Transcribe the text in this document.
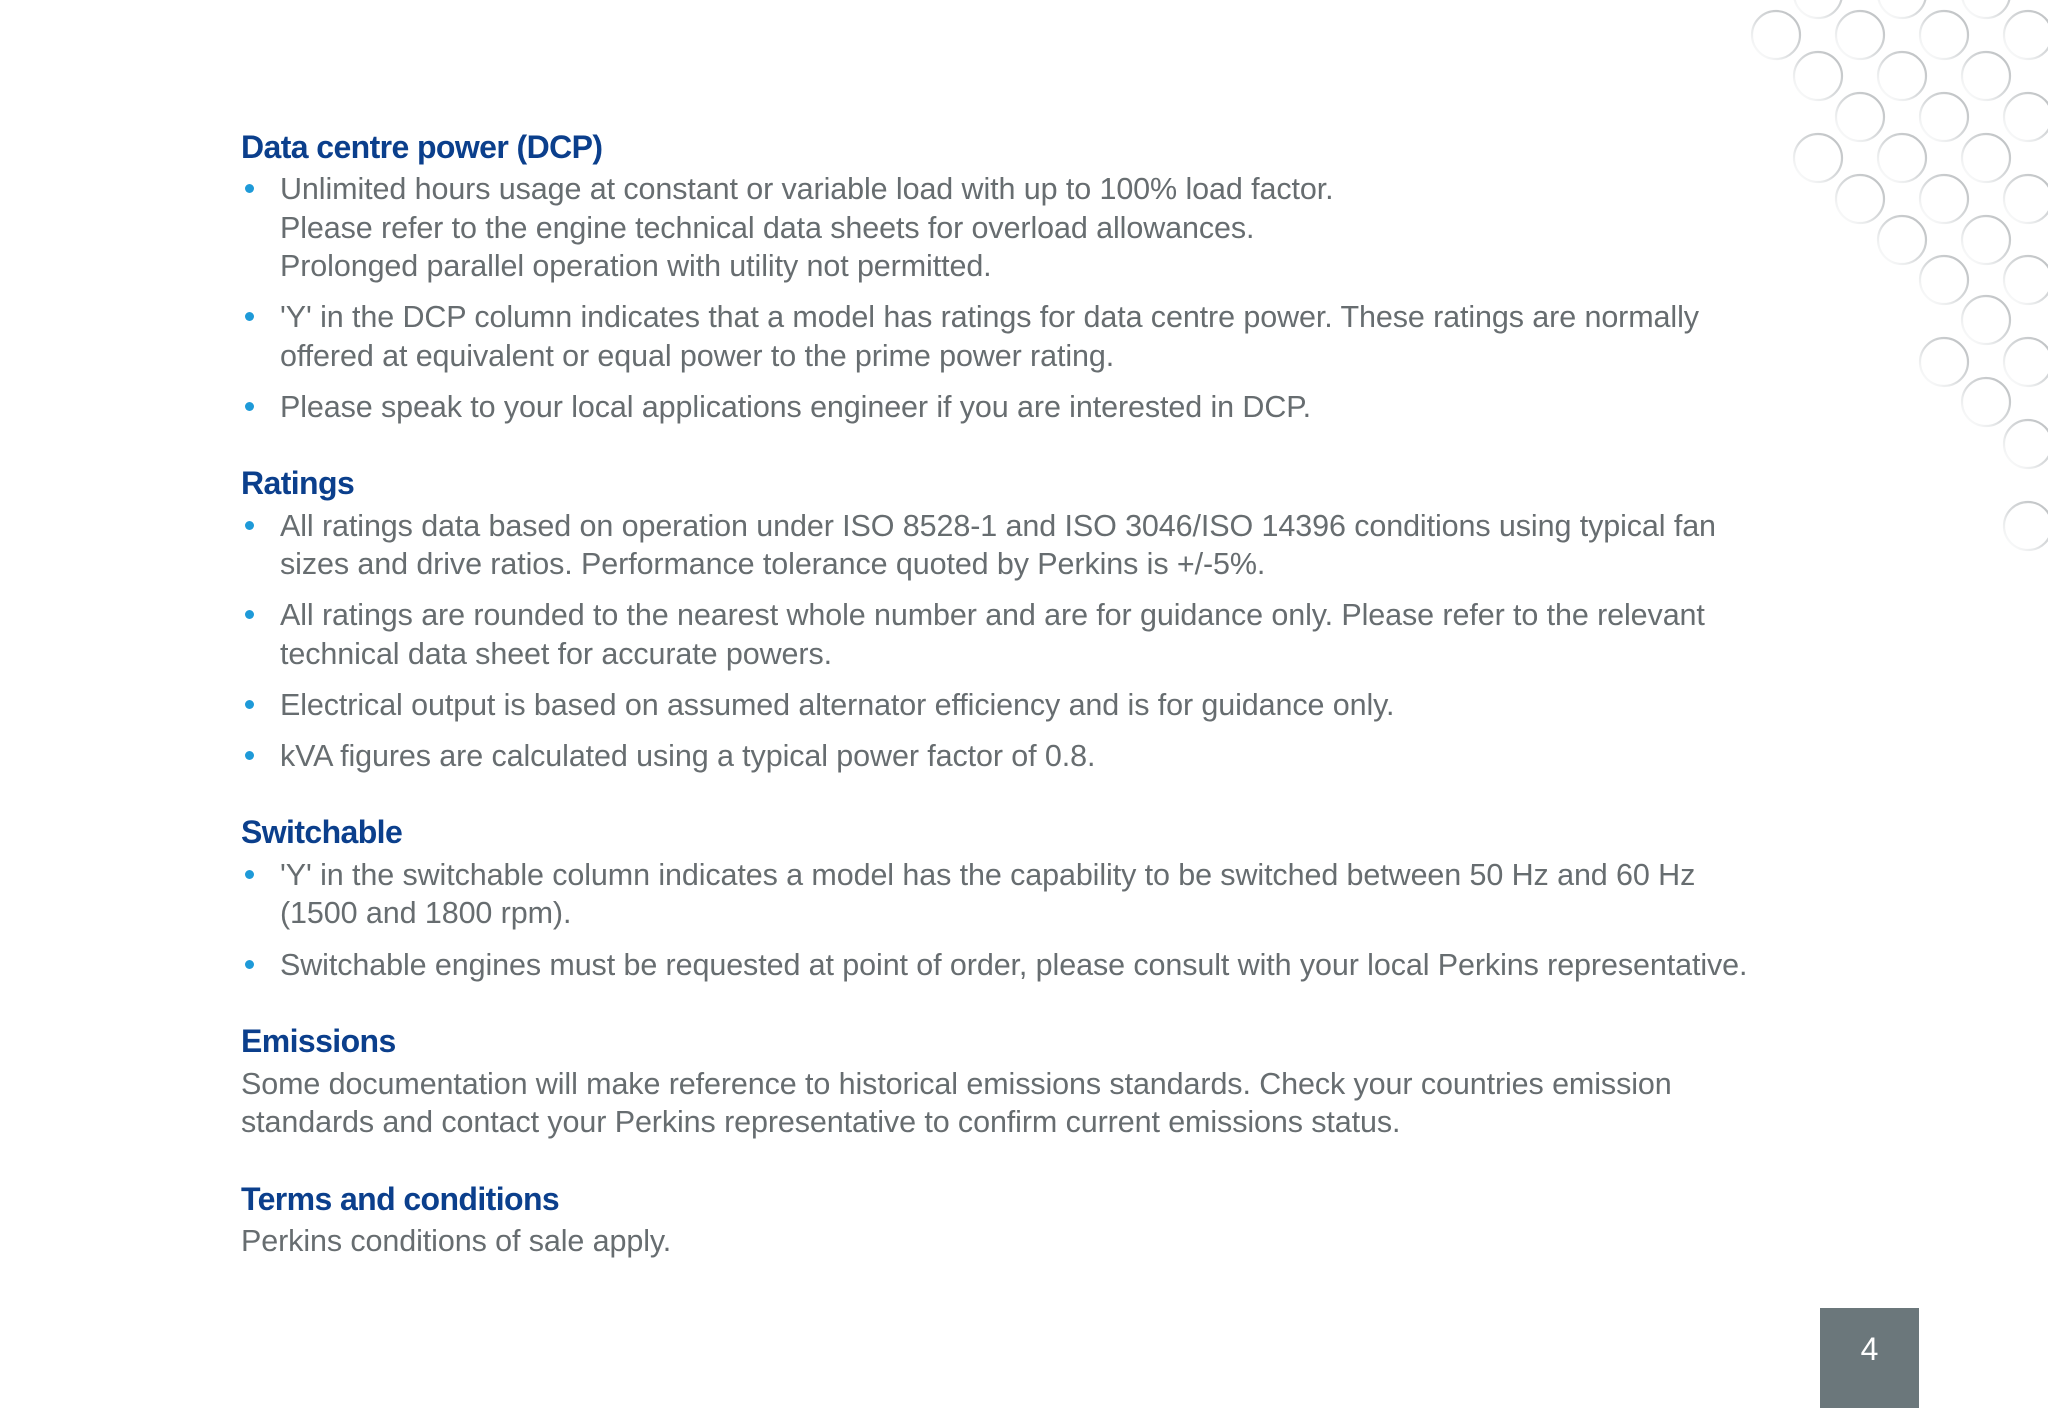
Data centre power (DCP)
Unlimited hours usage at constant or variable load with up to 100% load factor.
Please refer to the engine technical data sheets for overload allowances.
Prolonged parallel operation with utility not permitted.
'Y' in the DCP column indicates that a model has ratings for data centre power. These ratings are normally
offered at equivalent or equal power to the prime power rating.
Please speak to your local applications engineer if you are interested in DCP.
Ratings
All ratings data based on operation under ISO 8528-1 and ISO 3046/ISO 14396 conditions using typical fan
sizes and drive ratios. Performance tolerance quoted by Perkins is +/-5%.
All ratings are rounded to the nearest whole number and are for guidance only. Please refer to the relevant
technical data sheet for accurate powers.
Electrical output is based on assumed alternator efficiency and is for guidance only.
kVA figures are calculated using a typical power factor of 0.8.
Switchable
'Y' in the switchable column indicates a model has the capability to be switched between 50 Hz and 60 Hz
(1500 and 1800 rpm).
Switchable engines must be requested at point of order, please consult with your local Perkins representative.
Emissions
Some documentation will make reference to historical emissions standards. Check your countries emission
standards and contact your Perkins representative to confirm current emissions status.
Terms and conditions
Perkins conditions of sale apply.
4
